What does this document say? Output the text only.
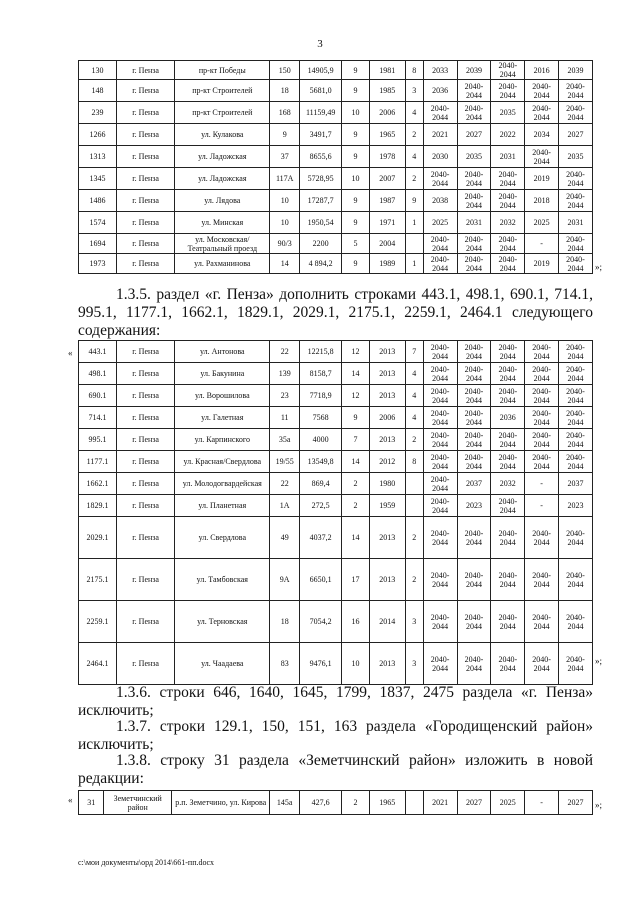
3
130	г. Пенза	пр-кт Победы	150	14905,9	9	1981	8	2033	2039	2040-2044	2016	2039
148	г. Пенза	пр-кт Строителей	18	5681,0	9	1985	3	2036	2040-2044	2040-2044	2040-2044	2040-2044
239	г. Пенза	пр-кт Строителей	168	11159,49	10	2006	4	2040-2044	2040-2044	2035	2040-2044	2040-2044
1266	г. Пенза	ул. Кулакова	9	3491,7	9	1965	2	2021	2027	2022	2034	2027
1313	г. Пенза	ул. Ладожская	37	8655,6	9	1978	4	2030	2035	2031	2040-2044	2035
1345	г. Пенза	ул. Ладожская	117А	5728,95	10	2007	2	2040-2044	2040-2044	2040-2044	2019	2040-2044
1486	г. Пенза	ул. Лядова	10	17287,7	9	1987	9	2038	2040-2044	2040-2044	2018	2040-2044
1574	г. Пенза	ул. Минская	10	1950,54	9	1971	1	2025	2031	2032	2025	2031
1694	г. Пенза	ул. Московская/ Театральный проезд	90/3	2200	5	2004		2040-2044	2040-2044	2040-2044	-	2040-2044
1973	г. Пенза	ул. Рахманинова	14	4 894,2	9	1989	1	2040-2044	2040-2044	2040-2044	2019	2040-2044 »;
1.3.5. раздел «г. Пенза» дополнить строками 443.1, 498.1, 690.1, 714.1, 995.1, 1177.1, 1662.1, 1829.1, 2029.1, 2175.1, 2259.1, 2464.1 следующего содержания:
« 443.1	г. Пенза	ул. Антонова	22	12215,8	12	2013	7	2040-2044	2040-2044	2040-2044	2040-2044	2040-2044
498.1	г. Пенза	ул. Бакунина	139	8158,7	14	2013	4	2040-2044	2040-2044	2040-2044	2040-2044	2040-2044
690.1	г. Пенза	ул. Ворошилова	23	7718,9	12	2013	4	2040-2044	2040-2044	2040-2044	2040-2044	2040-2044
714.1	г. Пенза	ул. Галетная	11	7568	9	2006	4	2040-2044	2040-2044	2036	2040-2044	2040-2044
995.1	г. Пенза	ул. Карпинского	35а	4000	7	2013	2	2040-2044	2040-2044	2040-2044	2040-2044	2040-2044
1177.1	г. Пенза	ул. Красная/Свердлова	19/55	13549,8	14	2012	8	2040-2044	2040-2044	2040-2044	2040-2044	2040-2044
1662.1	г. Пенза	ул. Молодогвардейская	22	869,4	2	1980		2040-2044	2037	2032	-	2037
1829.1	г. Пенза	ул. Планетная	1А	272,5	2	1959		2040-2044	2023	2040-2044	-	2023
2029.1	г. Пенза	ул. Свердлова	49	4037,2	14	2013	2	2040-2044	2040-2044	2040-2044	2040-2044	2040-2044
2175.1	г. Пенза	ул. Тамбовская	9А	6650,1	17	2013	2	2040-2044	2040-2044	2040-2044	2040-2044	2040-2044
2259.1	г. Пенза	ул. Терновская	18	7054,2	16	2014	3	2040-2044	2040-2044	2040-2044	2040-2044	2040-2044
2464.1	г. Пенза	ул. Чаадаева	83	9476,1	10	2013	3	2040-2044	2040-2044	2040-2044	2040-2044	2040-2044
»;
1.3.6. строки 646, 1640, 1645, 1799, 1837, 2475 раздела «г. Пенза» исключить;
1.3.7. строки 129.1, 150, 151, 163 раздела «Городищенский район» исключить;
1.3.8. строку 31 раздела «Земетчинский район» изложить в новой редакции:
« 31	Земетчинский район	р.п. Земетчино, ул. Кирова	145а	427,6	2	1965		2021	2027	2025	-	2027 »;
c:\мои документы\орд 2014\661-пп.docx
